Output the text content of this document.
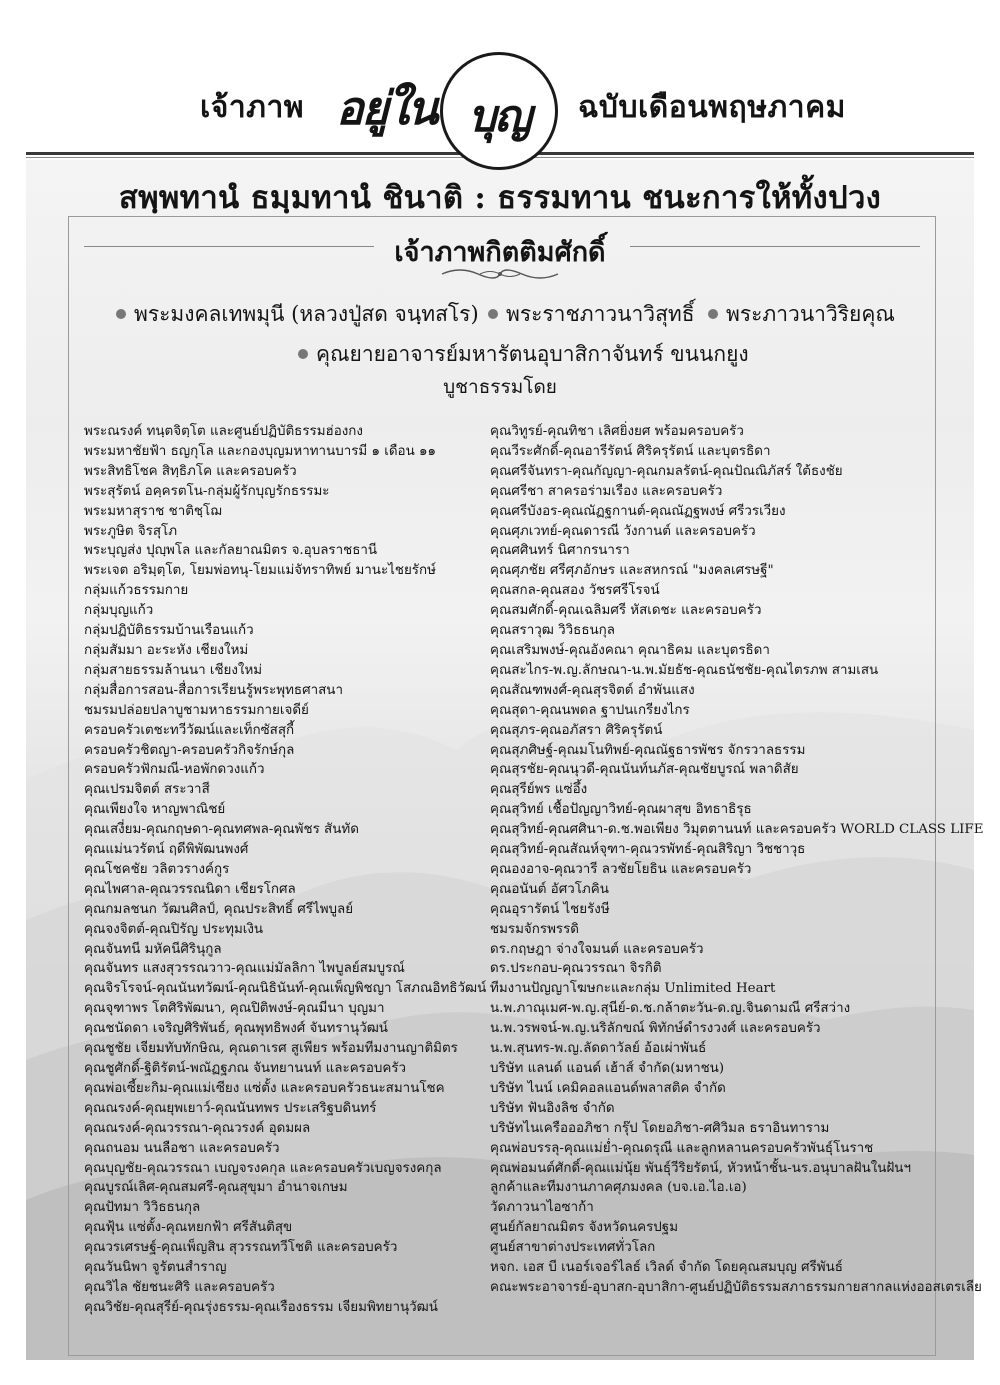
เจ้าภาพ อยู่ใน บุญ	ฉบับเดือนพฤษภาคม
สพฺพทานํ ธมฺมทานํ ชินาติ : ธรรมทาน ชนะการให้ทั้งปวง
เจ้าภาพกิตติมศักดิ์
พระมงคลเทพมุนี (หลวงปู่สด จนฺทสโร)	พระราชภาวนาวิสุทธิ์	พระภาวนาวิริยคุณ
คุณยายอาจารย์มหารัตนอุบาสิกาจันทร์ ขนนกยูง
บูชาธรรมโดย
พระณรงค์ ทนฺตจิตฺโต และศูนย์ปฏิบัติธรรมฮ่องกง
พระมหาชัยฟ้า ธญกุโล และกองบุญมหาทานบารมี ๑ เดือน ๑๑
พระสิทธิโชค สิทฺธิภโค และครอบครัว
พระสุรัตน์ อคฺครตโน-กลุ่มผู้รักบุญรักธรรมะ
พระมหาสุราช ชาติชฺโฌ
พระภูษิต จิรสุโภ
พระบุญส่ง ปุญฺพโล และกัลยาณมิตร จ.อุบลราชธานี
พระเจต อริมฺตฺโต, โยมพ่อทนุ-โยมแม่จัทราทิพย์ มานะไชยรักษ์
กลุ่มแก้วธรรมกาย
กลุ่มบุญแก้ว
กลุ่มปฏิบัติธรรมบ้านเรือนแก้ว
กลุ่มสัมมา อะระหัง เชียงใหม่
กลุ่มสายธรรมล้านนา เชียงใหม่
กลุ่มสื่อการสอน-สื่อการเรียนรู้พระพุทธศาสนา
ชมรมปล่อยปลาบูชามหาธรรมกายเจดีย์
ครอบครัวเตชะทวีวัฒน์และเท็กซัสสุกี้
ครอบครัวชิตญา-ครอบครัวกิจรักษ์กุล
ครอบครัวฟักมณี-หอพักดวงแก้ว
คุณเปรมจิตต์ สระวาสี
คุณเพียงใจ หาญพาณิชย์
คุณเสงี่ยม-คุณกฤษดา-คุณทศพล-คุณพัชร สันทัด
คุณแม่นวรัตน์ ฤดีพิพัฒนพงศ์
คุณโชคชัย วลิตวรางค์กูร
คุณไพศาล-คุณวรรณนิดา เชียรโกศล
คุณกมลชนก วัฒนศิลป์, คุณประสิทธิ์ ศรีไพบูลย์
คุณจงจิตต์-คุณปิรัญ ประทุมเงิน
คุณจันทนี มหัคนีศิรินุกูล
คุณจันทร แสงสุวรรณวาว-คุณแม่มัลลิกา ไพบูลย์สมบูรณ์
คุณจิรโรจน์-คุณนันทวัฒน์-คุณนิธินันท์-คุณเพ็ญพิชญา โสภณอิทธิวัฒน์
คุณจุฑาพร โตศิริพัฒนา, คุณปิติพงษ์-คุณมีนา บุญมา
คุณชนัดดา เจริญศิริพันธ์, คุณพุทธิพงศ์ จันทรานุวัฒน์
คุณชูชัย เจียมทับทักษิณ, คุณดาเรศ สูเพียร พร้อมทีมงานญาติมิตร
คุณชูศักดิ์-ฐิติรัตน์-พณัฏฐภณ จันทยานนท์ และครอบครัว
คุณพ่อเซี้ยะกิม-คุณแม่เซียง แซ่ตั้ง และครอบครัวธนะสมานโชค
คุณณรงค์-คุณยุพเยาว์-คุณนันทพร ประเสริฐบดินทร์
คุณณรงค์-คุณวรรณา-คุณวรงค์ อุดมผล
คุณถนอม นนลือชา และครอบครัว
คุณบุญชัย-คุณวรรณา เบญจรงคกุล และครอบครัวเบญจรงคกุล
คุณบูรณ์เลิศ-คุณสมศรี-คุณสุขุมา อำนาจเกษม
คุณปัทมา วิวิธธนกุล
คุณฟุ้น แซ่ตั้ง-คุณหยกฟ้า ศรีสันติสุข
คุณวรเศรษฐ์-คุณเพ็ญสิน สุวรรณทวีโชติ และครอบครัว
คุณวันนิพา จูรัตนสำราญ
คุณวิไล ชัยชนะศิริ และครอบครัว
คุณวิชัย-คุณสุรีย์-คุณรุ่งธรรม-คุณเรืองธรรม เจียมพิทยานุวัฒน์
คุณวิทูรย์-คุณทิชา เลิศยิ่งยศ พร้อมครอบครัว
คุณวีระศักดิ์-คุณอารีรัตน์ ศิริครุรัตน์ และบุตรธิดา
คุณศรีจันทรา-คุณกัญญา-คุณกมลรัตน์-คุณปัณณิภัสร์ ใต้ธงชัย
คุณศรีชา สาครอร่ามเรือง และครอบครัว
คุณศรีบังอร-คุณณัฏฐกานต์-คุณณัฏฐพงษ์ ศรีวรเวียง
คุณศุภเวทย์-คุณดารณี วังกานต์ และครอบครัว
คุณศศินทร์ นิศากรนารา
คุณศุภชัย ศรีศุภอักษร และสหกรณ์ "มงคลเศรษฐี"
คุณสกล-คุณสอง วัชรศรีโรจน์
คุณสมศักดิ์-คุณเฉลิมศรี หัสเดชะ และครอบครัว
คุณสราวุฒ วิวิธธนกุล
คุณเสริมพงษ์-คุณอังคณา คุณาธิคม และบุตรธิดา
คุณสะไกร-พ.ญ.ลักษณา-น.พ.มัยธัช-คุณธนัชชัย-คุณไตรภพ สามเสน
คุณสัณฑพงศ์-คุณสุรจิตต์ อำพันแสง
คุณสุดา-คุณนพดล ฐาปนเกรียงไกร
คุณสุภร-คุณอภัสรา ศิริครุรัตน์
คุณสุภศิษฐ์-คุณมโนทิพย์-คุณณัฐธารพัชร จักรวาลธรรม
คุณสุรชัย-คุณนุวดี-คุณนันท์นภัส-คุณชัยบูรณ์ พลาดิสัย
คุณสุรีย์พร แซ่อึ้ง
คุณสุวิทย์ เชื้อปัญญาวิทย์-คุณผาสุข อิทธาธิรุธ
คุณสุวิทย์-คุณศศินา-ด.ช.พอเพียง วิมุตตานนท์ และครอบครัว WORLD CLASS LIFE
คุณสุวิทย์-คุณสัณห์จุฑา-คุณวรพัทธ์-คุณสิริญา วิชชาวุธ
คุณองอาจ-คุณวารี ลวชัยโยธิน และครอบครัว
คุณอนันต์ อัศวโภคิน
คุณอุรารัตน์ ไชยรังษี
ชมรมจักรพรรดิ
ดร.กฤษฎา จ่างใจมนต์ และครอบครัว
ดร.ประกอบ-คุณวรรณา จิรกิติ
ทีมงานปัญญาโฆษกะและกลุ่ม Unlimited Heart
น.พ.ภาณุเมศ-พ.ญ.สุนีย์-ด.ช.กล้าตะวัน-ด.ญ.จินดามณี ศรีสว่าง
น.พ.วรพจน์-พ.ญ.นริลักขณ์ พิทักษ์ดำรงวงศ์ และครอบครัว
น.พ.สุนทร-พ.ญ.ลัดดาวัลย์ อ้อเผ่าพันธ์
บริษัท แลนด์ แอนด์ เฮ้าส์ จำกัด(มหาชน)
บริษัท ไนน์ เคมิคอลแอนด์พลาสติค จำกัด
บริษัท ฟันอิงลิช จำกัด
บริษัทไนเครือออภิชา กรุ๊ป โดยอภิชา-ศศิวิมล ธราอินทาราม
คุณพ่อบรรลุ-คุณแม่ย่ำ-คุณดรุณี และลูกหลานครอบครัวพันธุ์โนราช
คุณพ่อมนต์ศักดิ์-คุณแม่นุ้ย พันธุ์วีริยรัตน์, หัวหน้าชั้น-นร.อนุบาลฝันในฝันฯ
ลูกค้าและทีมงานภาคศุภมงคล (บจ.เอ.ไอ.เอ)
วัดภาวนาไอซาก้า
ศูนย์กัลยาณมิตร จังหวัดนครปฐม
ศูนย์สาขาต่างประเทศทั่วโลก
หจก. เอส บี เนอร์เจอร์ไลธ์ เวิลด์ จำกัด โดยคุณสมบุญ ศรีพันธ์
คณะพระอาจารย์-อุบาสก-อุบาสิกา-ศูนย์ปฏิบัติธรรมสภาธรรมกายสากลแห่งออสเตรเลีย
